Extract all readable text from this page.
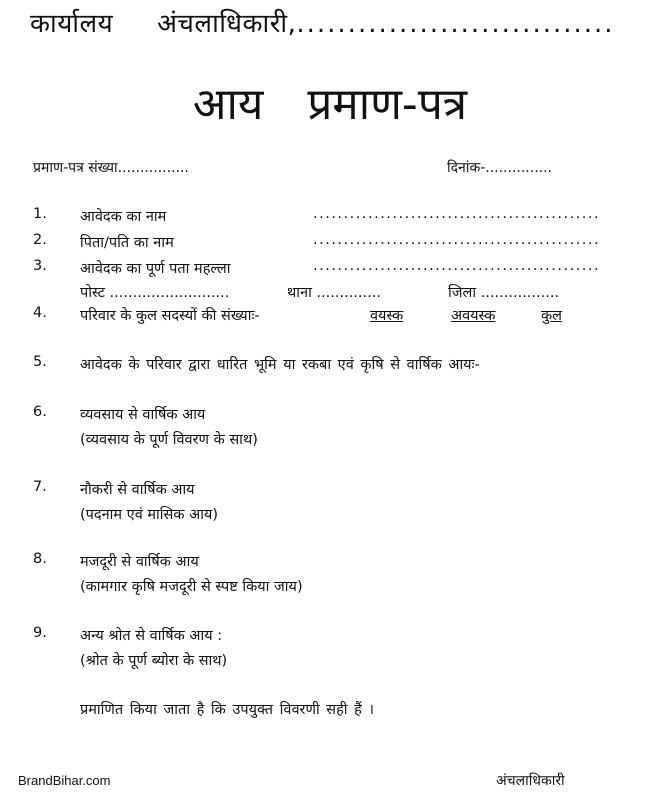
कार्यालय अंचलाधिकारी,...............................
आय प्रमाण-पत्र
प्रमाण-पत्र संख्या................	दिनांक-...............
1. आवेदक का नाम	...............................................
2. पिता/पति का नाम	...............................................
3. आवेदक का पूर्ण पता महल्ला	...............................................
पोस्ट ..........................	थाना ..............	जिला .................
4. परिवार के कुल सदस्यों की संख्याः-	वयस्क	अवयस्क	कुल
5. आवेदक के परिवार द्वारा धारित भूमि या रकबा एवं कृषि से वार्षिक आयः-
6. व्यवसाय से वार्षिक आय
(व्यवसाय के पूर्ण विवरण के साथ)
7. नौकरी से वार्षिक आय
(पदनाम एवं मासिक आय)
8. मजदूरी से वार्षिक आय
(कामगार कृषि मजदूरी से स्पष्ट किया जाय)
9. अन्य श्रोत से वार्षिक आय :
(श्रोत के पूर्ण ब्योरा के साथ)
प्रमाणित किया जाता है कि उपयुक्त विवरणी सही हैं ।
BrandBihar.com	अंचलाधिकारी
